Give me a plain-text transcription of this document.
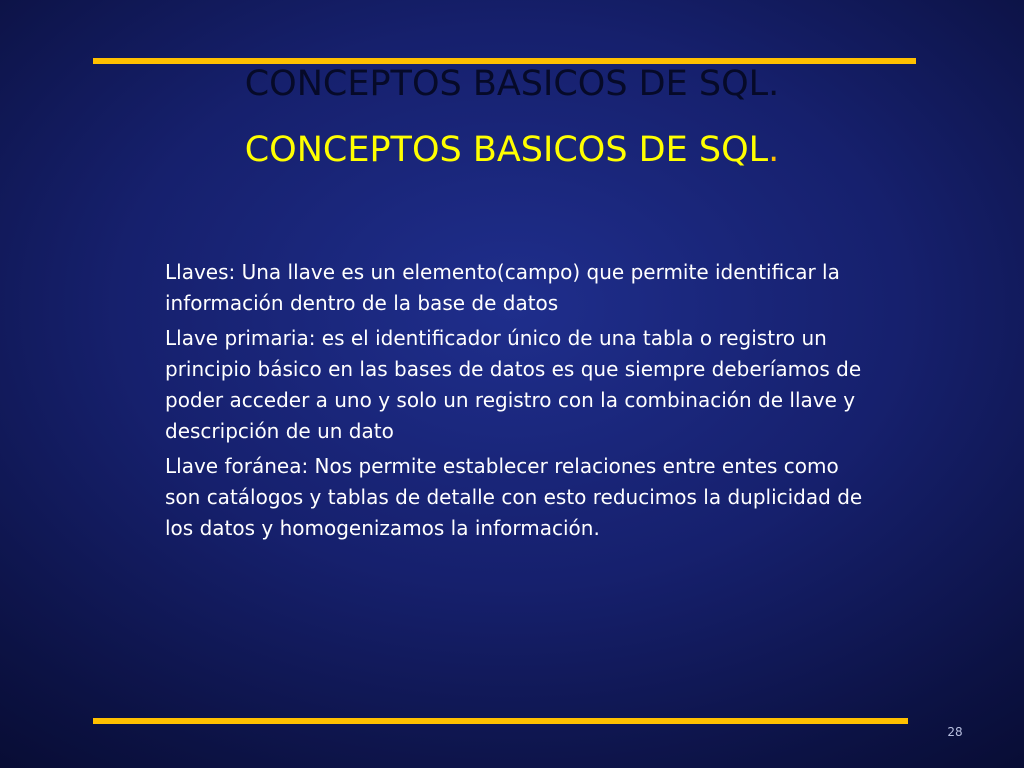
CONCEPTOS BASICOS DE SQL.
CONCEPTOS BASICOS DE SQL.
Llaves: Una llave es un elemento(campo) que permite identificar la información dentro de la base de datos
Llave primaria: es el identificador único de una tabla o registro un principio básico en las bases de datos es que siempre deberíamos de poder acceder a uno y solo un registro con la combinación de llave y descripción de un dato
Llave foránea: Nos permite establecer relaciones entre entes como son catálogos y tablas de detalle con esto reducimos la duplicidad de los datos y homogenizamos la información.
28
